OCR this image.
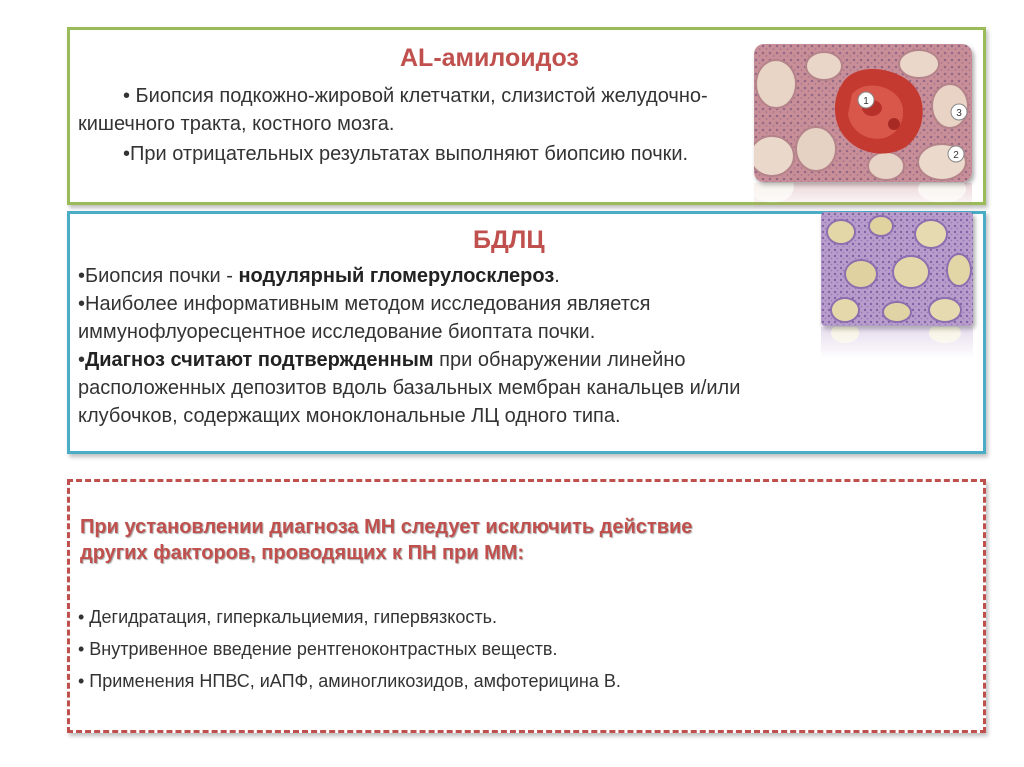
AL-амилоидоз
• Биопсия подкожно-жировой клетчатки, слизистой желудочно-кишечного тракта, костного мозга.
•При отрицательных результатах выполняют биопсию почки.
1
3
2
БДЛЦ
•Биопсия почки - нодулярный гломерулосклероз.
•Наиболее информативным методом исследования является
иммунофлуоресцентное исследование биоптата почки.
•Диагноз считают подтвержденным при обнаружении линейно
расположенных депозитов вдоль базальных мембран канальцев и/или
клубочков, содержащих моноклональные ЛЦ одного типа.
При установлении диагноза МН следует исключить действие
других факторов, проводящих к ПН при ММ:
• Дегидратация, гиперкальциемия, гипервязкость.
• Внутривенное введение рентгеноконтрастных веществ.
• Применения НПВС, иАПФ, аминогликозидов, амфотерицина В.
